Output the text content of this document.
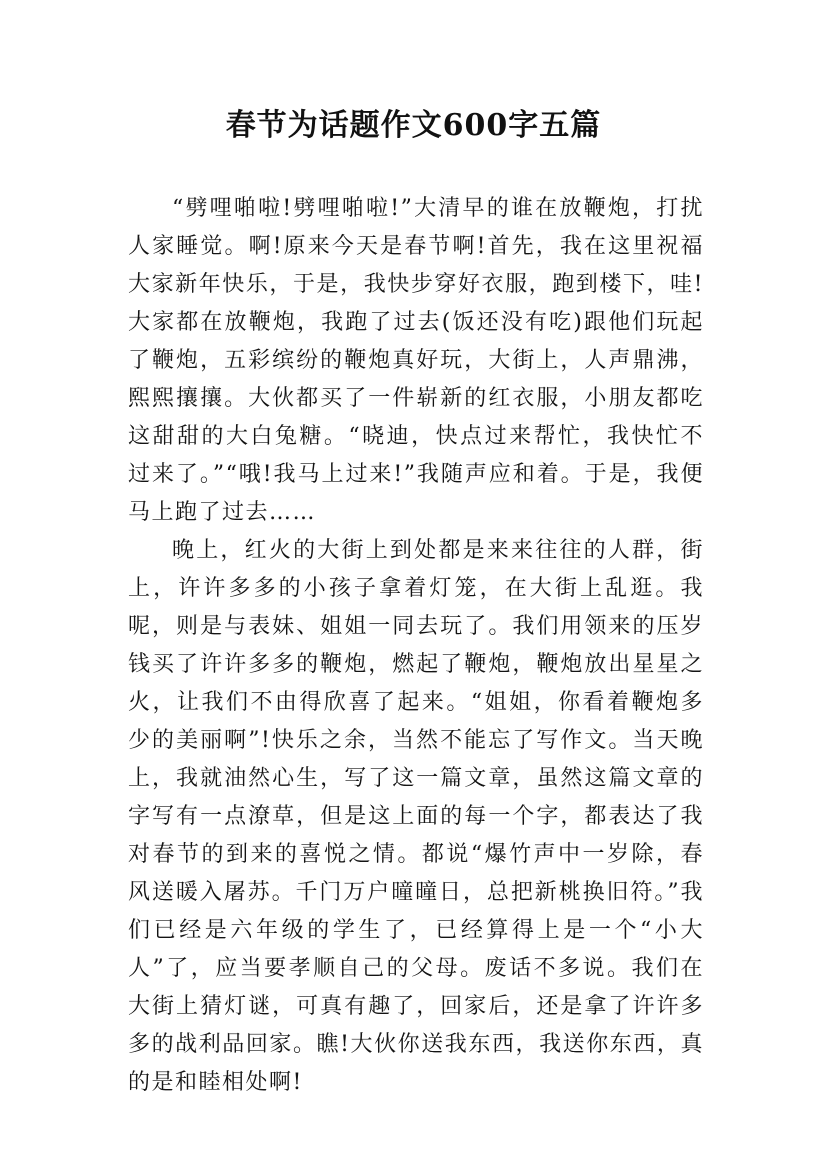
春节为话题作文600字五篇

“劈哩啪啦!劈哩啪啦!”大清早的谁在放鞭炮，打扰人家睡觉。啊!原来今天是春节啊!首先，我在这里祝福大家新年快乐，于是，我快步穿好衣服，跑到楼下，哇!大家都在放鞭炮，我跑了过去(饭还没有吃)跟他们玩起了鞭炮，五彩缤纷的鞭炮真好玩，大街上，人声鼎沸，熙熙攘攘。大伙都买了一件崭新的红衣服，小朋友都吃这甜甜的大白兔糖。“晓迪，快点过来帮忙，我快忙不过来了。”“哦!我马上过来!”我随声应和着。于是，我便马上跑了过去……

晚上，红火的大街上到处都是来来往往的人群，街上，许许多多的小孩子拿着灯笼，在大街上乱逛。我呢，则是与表妹、姐姐一同去玩了。我们用领来的压岁钱买了许许多多的鞭炮，燃起了鞭炮，鞭炮放出星星之火，让我们不由得欣喜了起来。“姐姐，你看着鞭炮多少的美丽啊”!快乐之余，当然不能忘了写作文。当天晚上，我就油然心生，写了这一篇文章，虽然这篇文章的字写有一点潦草，但是这上面的每一个字，都表达了我对春节的到来的喜悦之情。都说“爆竹声中一岁除，春风送暖入屠苏。千门万户曈曈日，总把新桃换旧符。”我们已经是六年级的学生了，已经算得上是一个“小大人”了，应当要孝顺自己的父母。废话不多说。我们在大街上猜灯谜，可真有趣了，回家后，还是拿了许许多多的战利品回家。瞧!大伙你送我东西，我送你东西，真的是和睦相处啊!
